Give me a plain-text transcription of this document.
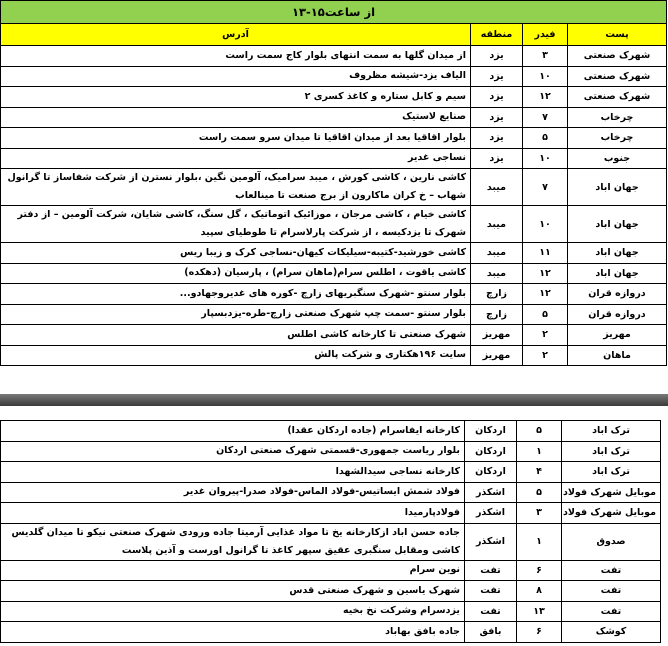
از ساعت۱۵-۱۳			
پست	فیدر	منطقه	آدرس
شهرک صنعتی	۳	یزد	از میدان گلها به سمت انتهای بلوار کاج سمت راست
شهرک صنعتی	۱۰	یزد	الیاف یزد-شیشه مظروف
شهرک صنعتی	۱۲	یزد	سیم و کابل ستاره و کاغذ کسری ۲
چرخاب	۷	یزد	صنایع لاستیک
چرخاب	۵	یزد	بلوار اقاقیا بعد از میدان اقاقیا تا میدان سرو سمت راست
جنوب	۱۰	یزد	نساجی غدیر
جهان اباد	۷	میبد	کاشی نارین ، کاشی کورش ، میبد سرامیک، آلومین نگین ،بلوار نسترن از شرکت شفاساز تا گرانول شهاب – خ کران ماکارون از برج صنعت تا مینالعاب
جهان اباد	۱۰	میبد	کاشی خیام ، کاشی مرجان ، موزائیک اتوماتیک ، گل سنگ، کاشی شایان، شرکت آلومین – از دفتر شهرک تا یزدکیسه ، از شرکت پارلاسرام تا طوطیای سپید
جهان اباد	۱۱	میبد	کاشی خورشید-کتیبه-سیلیکات کیهان-نساجی کرک و زیبا ریس
جهان اباد	۱۲	میبد	کاشی یاقوت ، اطلس سرام(ماهان سرام) ، پارسیان (دهکده)
دروازه قران	۱۲	زارچ	بلوار سنتو -شهرک سنگبریهای زارچ -کوره های غدیروجهادو...
دروازه قران	۵	زارچ	بلوار سنتو -سمت چپ شهرک صنعتی زارچ-طره-یزدبسپار
مهریز	۲	مهریز	شهرک صنعتی تا کارخانه کاشی اطلس
ماهان	۲	مهریز	سایت ۱۹۶هکتاری و شرکت پالش
ترک اباد	۵	اردکان	کارخانه ایفاسرام (جاده اردکان عقدا)
ترک اباد	۱	اردکان	بلوار ریاست جمهوری-قسمتی شهرک صنعتی اردکان
ترک اباد	۴	اردکان	کارخانه نساجی سیدالشهدا
موبایل شهرک فولاد	۵	اشکذر	فولاد شمش ایساتیس-فولاد الماس-فولاد صدرا-پیروان غدیر
موبایل شهرک فولاد	۳	اشکذر	فولادپارمیدا
صدوق	۱	اشکذر	جاده حسن اباد ازکارخانه یخ تا مواد غذایی آرمیتا جاده ورودی شهرک صنعتی نیکو تا میدان گلدیس کاشی ومقابل سنگبری عقیق سپهر کاغذ تا گرانول اورست و آذین پلاست
تفت	۶	تفت	نوین سرام
تفت	۸	تفت	شهرک یاسین و شهرک صنعتی قدس
تفت	۱۳	تفت	یزدسرام وشرکت نخ بخیه
کوشک	۶	بافق	جاده بافق بهاباد
